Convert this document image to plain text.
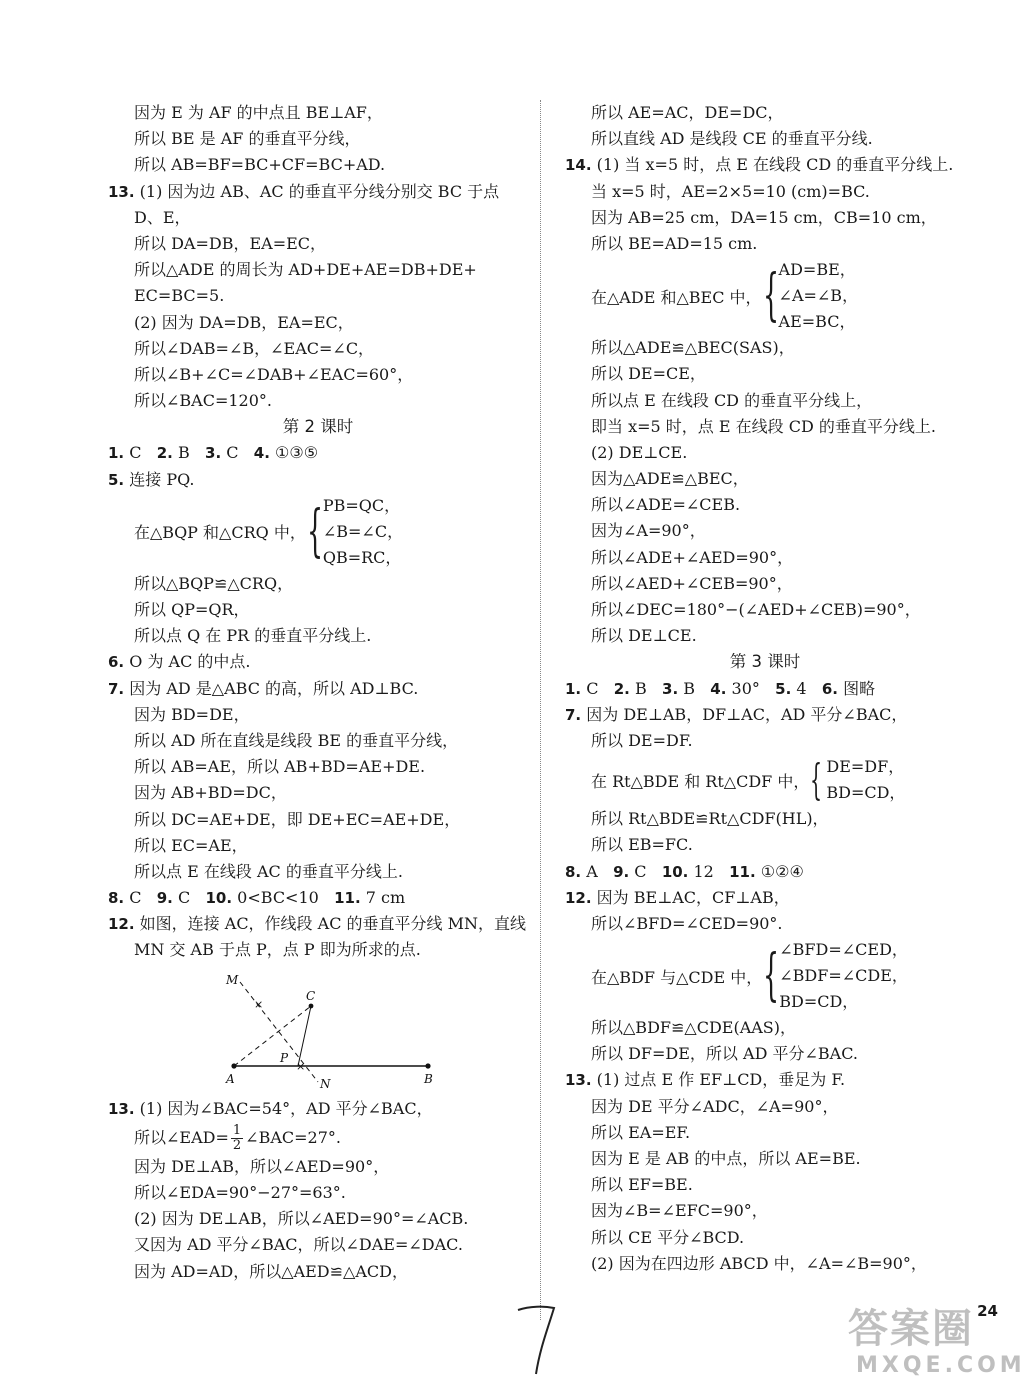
因为 E 为 AF 的中点且 BE⊥AF，
所以 BE 是 AF 的垂直平分线，
所以 AB=BF=BC+CF=BC+AD.
13. (1) 因为边 AB、AC 的垂直平分线分别交 BC 于点
D、E，
所以 DA=DB，EA=EC，
所以△ADE 的周长为 AD+DE+AE=DB+DE+
EC=BC=5.
(2) 因为 DA=DB，EA=EC，
所以∠DAB=∠B，∠EAC=∠C，
所以∠B+∠C=∠DAB+∠EAC=60°，
所以∠BAC=120°.
第 2 课时
1. C 2. B 3. C 4. ①③⑤
5. 连接 PQ.
在△BQP 和△CRQ 中， { PB=QC，
∠B=∠C，
QB=RC，
所以△BQP≌△CRQ，
所以 QP=QR，
所以点 Q 在 PR 的垂直平分线上.
6. O 为 AC 的中点.
7. 因为 AD 是△ABC 的高，所以 AD⊥BC.
因为 BD=DE，
所以 AD 所在直线是线段 BE 的垂直平分线，
所以 AB=AE，所以 AB+BD=AE+DE.
因为 AB+BD=DC，
所以 DC=AE+DE，即 DE+EC=AE+DE，
所以 EC=AE，
所以点 E 在线段 AC 的垂直平分线上.
8. C 9. C 10. 0<BC<10 11. 7 cm
12. 如图，连接 AC，作线段 AC 的垂直平分线 MN，直线
MN 交 AB 于点 P，点 P 即为所求的点.
×
×
A	B
C
P
M
N
13. (1) 因为∠BAC=54°，AD 平分∠BAC，
所以∠EAD= $\frac{1}{2}$ ∠BAC=27°.
因为 DE⊥AB，所以∠AED=90°，
所以∠EDA=90°−27°=63°.
(2) 因为 DE⊥AB，所以∠AED=90°=∠ACB.
又因为 AD 平分∠BAC，所以∠DAE=∠DAC.
因为 AD=AD，所以△AED≌△ACD，
所以 AE=AC，DE=DC，
所以直线 AD 是线段 CE 的垂直平分线.
14. (1) 当 x=5 时，点 E 在线段 CD 的垂直平分线上.
当 x=5 时，AE=2×5=10 (cm)=BC.
因为 AB=25 cm，DA=15 cm，CB=10 cm，
所以 BE=AD=15 cm.
在△ADE 和△BEC 中， { AD=BE，
∠A=∠B，
AE=BC，
所以△ADE≌△BEC(SAS)，
所以 DE=CE，
所以点 E 在线段 CD 的垂直平分线上，
即当 x=5 时，点 E 在线段 CD 的垂直平分线上.
(2) DE⊥CE.
因为△ADE≌△BEC，
所以∠ADE=∠CEB.
因为∠A=90°，
所以∠ADE+∠AED=90°，
所以∠AED+∠CEB=90°，
所以∠DEC=180°−(∠AED+∠CEB)=90°，
所以 DE⊥CE.
第 3 课时
1. C 2. B 3. B 4. 30° 5. 4 6. 图略
7. 因为 DE⊥AB，DF⊥AC，AD 平分∠BAC，
所以 DE=DF.
在 Rt△BDE 和 Rt△CDF 中， { DE=DF，
BD=CD，
所以 Rt△BDE≌Rt△CDF(HL)，
所以 EB=FC.
8. A 9. C 10. 12 11. ①②④
12. 因为 BE⊥AC，CF⊥AB，
所以∠BFD=∠CED=90°.
在△BDF 与△CDE 中， { ∠BFD=∠CED，
∠BDF=∠CDE，
BD=CD，
所以△BDF≌△CDE(AAS)，
所以 DF=DE，所以 AD 平分∠BAC.
13. (1) 过点 E 作 EF⊥CD，垂足为 F.
因为 DE 平分∠ADC，∠A=90°，
所以 EA=EF.
因为 E 是 AB 的中点，所以 AE=BE.
所以 EF=BE.
因为∠B=∠EFC=90°，
所以 CE 平分∠BCD.
(2) 因为在四边形 ABCD 中，∠A=∠B=90°，
7
24
答案圈
MXQE.COM
